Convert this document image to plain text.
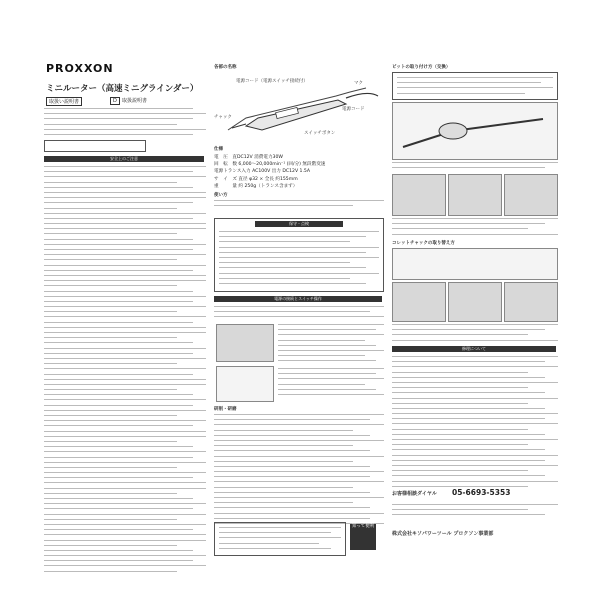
PROXXON
ミニルーター（高速ミニグラインダー）
取扱い説明書	D	取扱説明書
安全上のご注意
各部の名称
電源コード（電源スイッチ接続付）
チャック
スイッチボタン
マク
電源コード
仕様
電　圧　直DC12V 消費電力30W
回　転　数 6,000〜20,000min⁻¹ (回/分) 無段階変速
電源トランス入力 AC100V 出力 DC12V 1.5A
サ　イ　ズ 直径 φ32 × 全長 約155mm
重　　　量 約 250g（トランス含まず）
使い方
保守・点検
電源の接続とスイッチ操作
研削・研磨
知って便利
ビットの取り付け方（交換）
コレットチャックの取り替え方
修理について
お客様相談ダイヤル 05-6693-5353
株式会社キソパワーツール プロクソン事業部
